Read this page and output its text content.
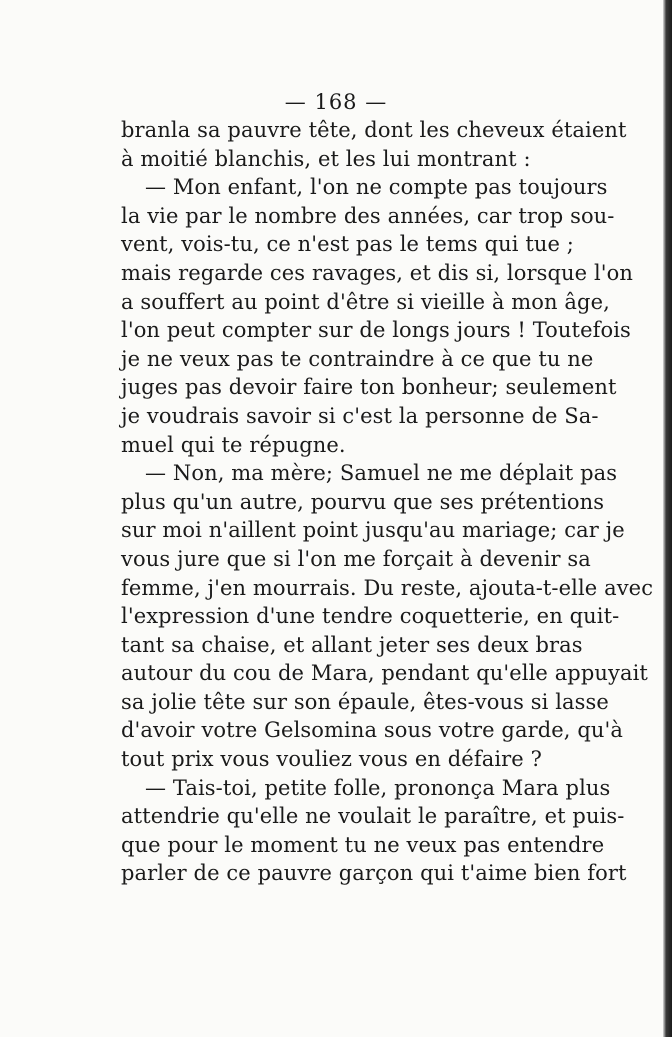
— 168 —
branla sa pauvre tête, dont les cheveux étaient
à moitié blanchis, et les lui montrant :
— Mon enfant, l'on ne compte pas toujours
la vie par le nombre des années, car trop sou-
vent, vois-tu, ce n'est pas le tems qui tue ;
mais regarde ces ravages, et dis si, lorsque l'on
a souffert au point d'être si vieille à mon âge,
l'on peut compter sur de longs jours ! Toutefois
je ne veux pas te contraindre à ce que tu ne
juges pas devoir faire ton bonheur; seulement
je voudrais savoir si c'est la personne de Sa-
muel qui te répugne.
— Non, ma mère; Samuel ne me déplait pas
plus qu'un autre, pourvu que ses prétentions
sur moi n'aillent point jusqu'au mariage; car je
vous jure que si l'on me forçait à devenir sa
femme, j'en mourrais. Du reste, ajouta-t-elle avec
l'expression d'une tendre coquetterie, en quit-
tant sa chaise, et allant jeter ses deux bras
autour du cou de Mara, pendant qu'elle appuyait
sa jolie tête sur son épaule, êtes-vous si lasse
d'avoir votre Gelsomina sous votre garde, qu'à
tout prix vous vouliez vous en défaire ?
— Tais-toi, petite folle, prononça Mara plus
attendrie qu'elle ne voulait le paraître, et puis-
que pour le moment tu ne veux pas entendre
parler de ce pauvre garçon qui t'aime bien fort
